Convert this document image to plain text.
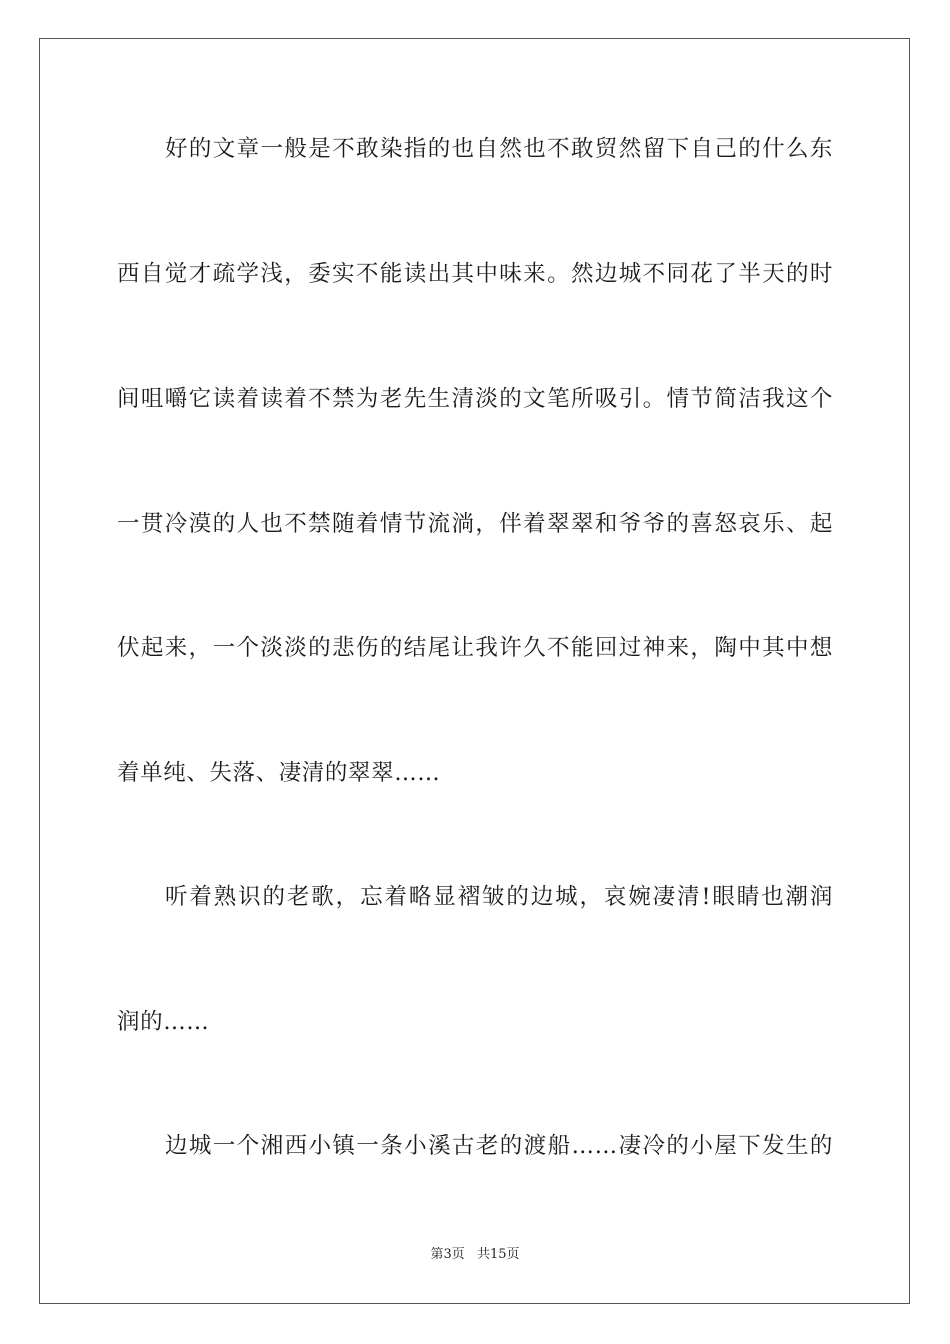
好的文章一般是不敢染指的也自然也不敢贸然留下自己的什么东
西自觉才疏学浅，委实不能读出其中味来。然边城不同花了半天的时
间咀嚼它读着读着不禁为老先生清淡的文笔所吸引。情节简洁我这个
一贯冷漠的人也不禁随着情节流淌，伴着翠翠和爷爷的喜怒哀乐、起
伏起来，一个淡淡的悲伤的结尾让我许久不能回过神来，陶中其中想
着单纯、失落、凄清的翠翠……
听着熟识的老歌，忘着略显褶皱的边城，哀婉凄清!眼睛也潮润
润的……
边城一个湘西小镇一条小溪古老的渡船……凄冷的小屋下发生的
第3页 共15页
